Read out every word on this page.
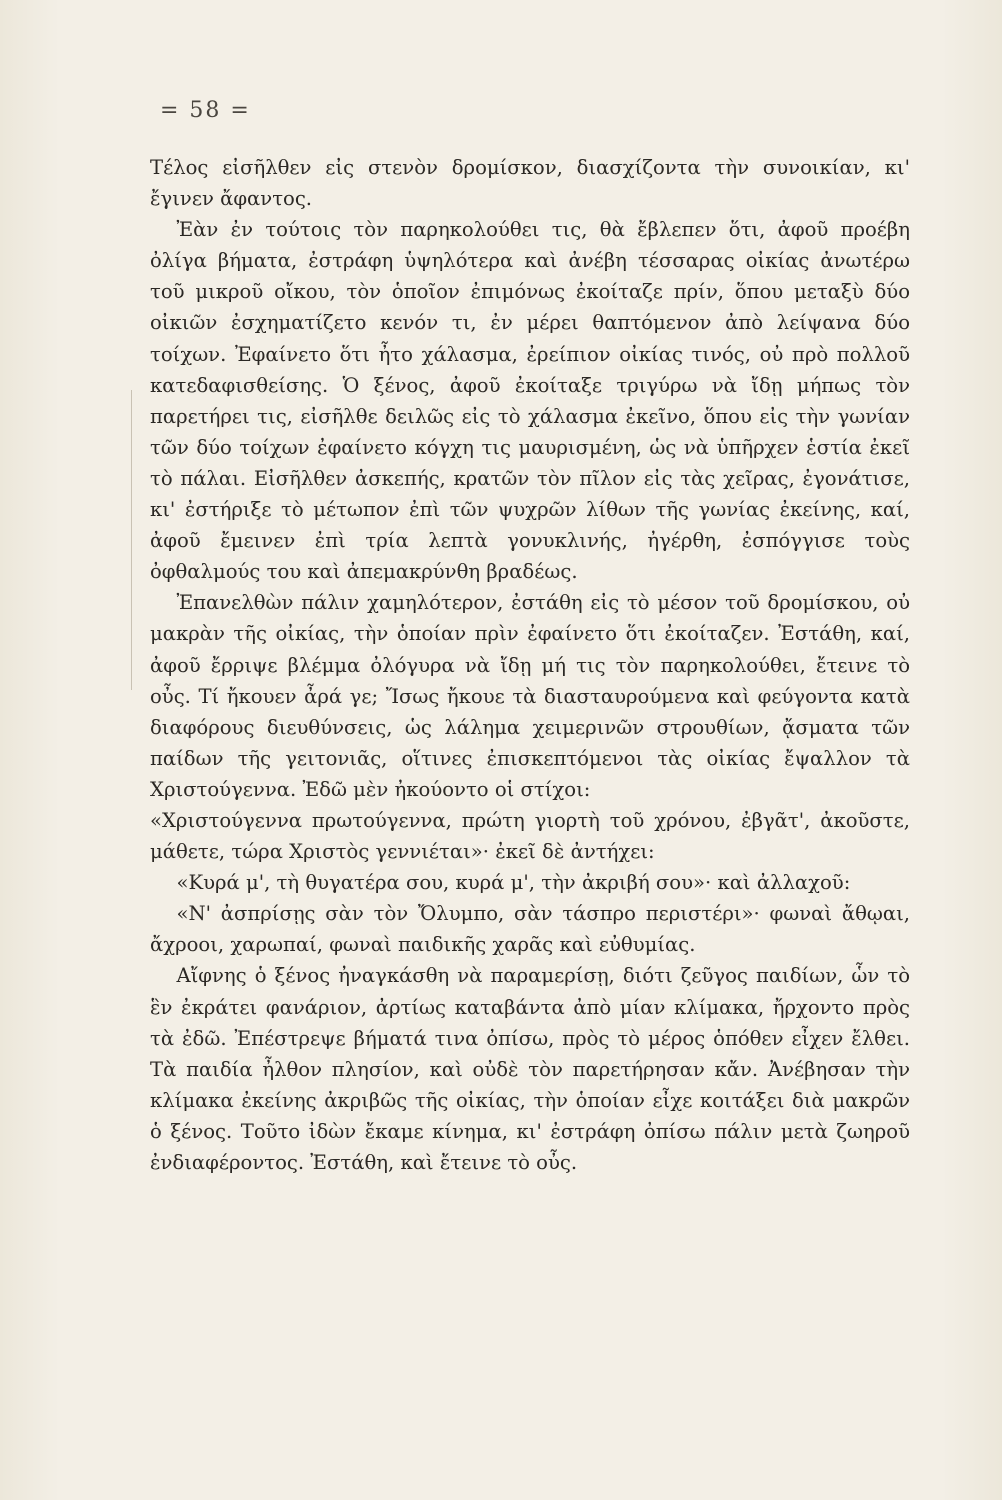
= 58 =

Τέλος εἰσῆλθεν εἰς στενὸν δρομίσκον, διασχίζοντα τὴν συνοικίαν, κι' ἔγινεν ἄφαντος.

Ἐὰν ἐν τούτοις τὸν παρηκολούθει τις, θὰ ἔβλεπεν ὅτι, ἀφοῦ προέβη ὀλίγα βήματα, ἐστράφη ὑψηλότερα καὶ ἀνέβη τέσσαρας οἰκίας ἀνωτέρω τοῦ μικροῦ οἴκου, τὸν ὁποῖον ἐπιμόνως ἐκοίταζε πρίν, ὅπου μεταξὺ δύο οἰκιῶν ἐσχηματίζετο κενόν τι, ἐν μέρει θαπτόμενον ἀπὸ λείψανα δύο τοίχων. Ἐφαίνετο ὅτι ἦτο χάλασμα, ἐρείπιον οἰκίας τινός, οὐ πρὸ πολλοῦ κατεδαφισθείσης. Ὁ ξένος, ἀφοῦ ἐκοίταξε τριγύρω νὰ ἴδῃ μήπως τὸν παρετήρει τις, εἰσῆλθε δειλῶς εἰς τὸ χάλασμα ἐκεῖνο, ὅπου εἰς τὴν γωνίαν τῶν δύο τοίχων ἐφαίνετο κόγχη τις μαυρισμένη, ὡς νὰ ὑπῆρχεν ἑστία ἐκεῖ τὸ πάλαι. Εἰσῆλθεν ἀσκεπής, κρατῶν τὸν πῖλον εἰς τὰς χεῖρας, ἐγονάτισε, κι' ἐστήριξε τὸ μέτωπον ἐπὶ τῶν ψυχρῶν λίθων τῆς γωνίας ἐκείνης, καί, ἀφοῦ ἔμεινεν ἐπὶ τρία λεπτὰ γονυκλινής, ἠγέρθη, ἐσπόγγισε τοὺς ὀφθαλμούς του καὶ ἀπεμακρύνθη βραδέως.

Ἐπανελθὼν πάλιν χαμηλότερον, ἐστάθη εἰς τὸ μέσον τοῦ δρομίσκου, οὐ μακρὰν τῆς οἰκίας, τὴν ὁποίαν πρὶν ἐφαίνετο ὅτι ἐκοίταζεν. Ἐστάθη, καί, ἀφοῦ ἔρριψε βλέμμα ὀλόγυρα νὰ ἴδῃ μή τις τὸν παρηκολούθει, ἔτεινε τὸ οὖς. Τί ἤκουεν ἆρά γε; Ἴσως ἤκουε τὰ διασταυρούμενα καὶ φεύγοντα κατὰ διαφόρους διευθύνσεις, ὡς λάλημα χειμερινῶν στρουθίων, ᾄσματα τῶν παίδων τῆς γειτονιᾶς, οἵτινες ἐπισκεπτόμενοι τὰς οἰκίας ἔψαλλον τὰ Χριστούγεννα. Ἐδῶ μὲν ἠκούοντο οἱ στίχοι:

«Χριστούγεννα πρωτούγεννα, πρώτη γιορτὴ τοῦ χρόνου, ἐβγᾶτ', ἀκοῦστε, μάθετε, τώρα Χριστὸς γεννιέται»· ἐκεῖ δὲ ἀντήχει:

«Κυρά μ', τὴ θυγατέρα σου, κυρά μ', τὴν ἀκριβή σου»· καὶ ἀλλαχοῦ:

«Ν' ἀσπρίσῃς σὰν τὸν Ὄλυμπο, σὰν τάσπρο περιστέρι»· φωναὶ ἄθῳαι, ἄχροοι, χαρωπαί, φωναὶ παιδικῆς χαρᾶς καὶ εὐθυμίας.

Αἴφνης ὁ ξένος ἠναγκάσθη νὰ παραμερίσῃ, διότι ζεῦγος παιδίων, ὧν τὸ ἓν ἐκράτει φανάριον, ἀρτίως καταβάντα ἀπὸ μίαν κλίμακα, ἤρχοντο πρὸς τὰ ἐδῶ. Ἐπέστρεψε βήματά τινα ὀπίσω, πρὸς τὸ μέρος ὁπόθεν εἶχεν ἔλθει. Τὰ παιδία ἦλθον πλησίον, καὶ οὐδὲ τὸν παρετήρησαν κἄν. Ἀνέβησαν τὴν κλίμακα ἐκείνης ἀκριβῶς τῆς οἰκίας, τὴν ὁποίαν εἶχε κοιτάξει διὰ μακρῶν ὁ ξένος. Τοῦτο ἰδὼν ἔκαμε κίνημα, κι' ἐστράφη ὀπίσω πάλιν μετὰ ζωηροῦ ἐνδιαφέροντος. Ἐστάθη, καὶ ἔτεινε τὸ οὖς.
